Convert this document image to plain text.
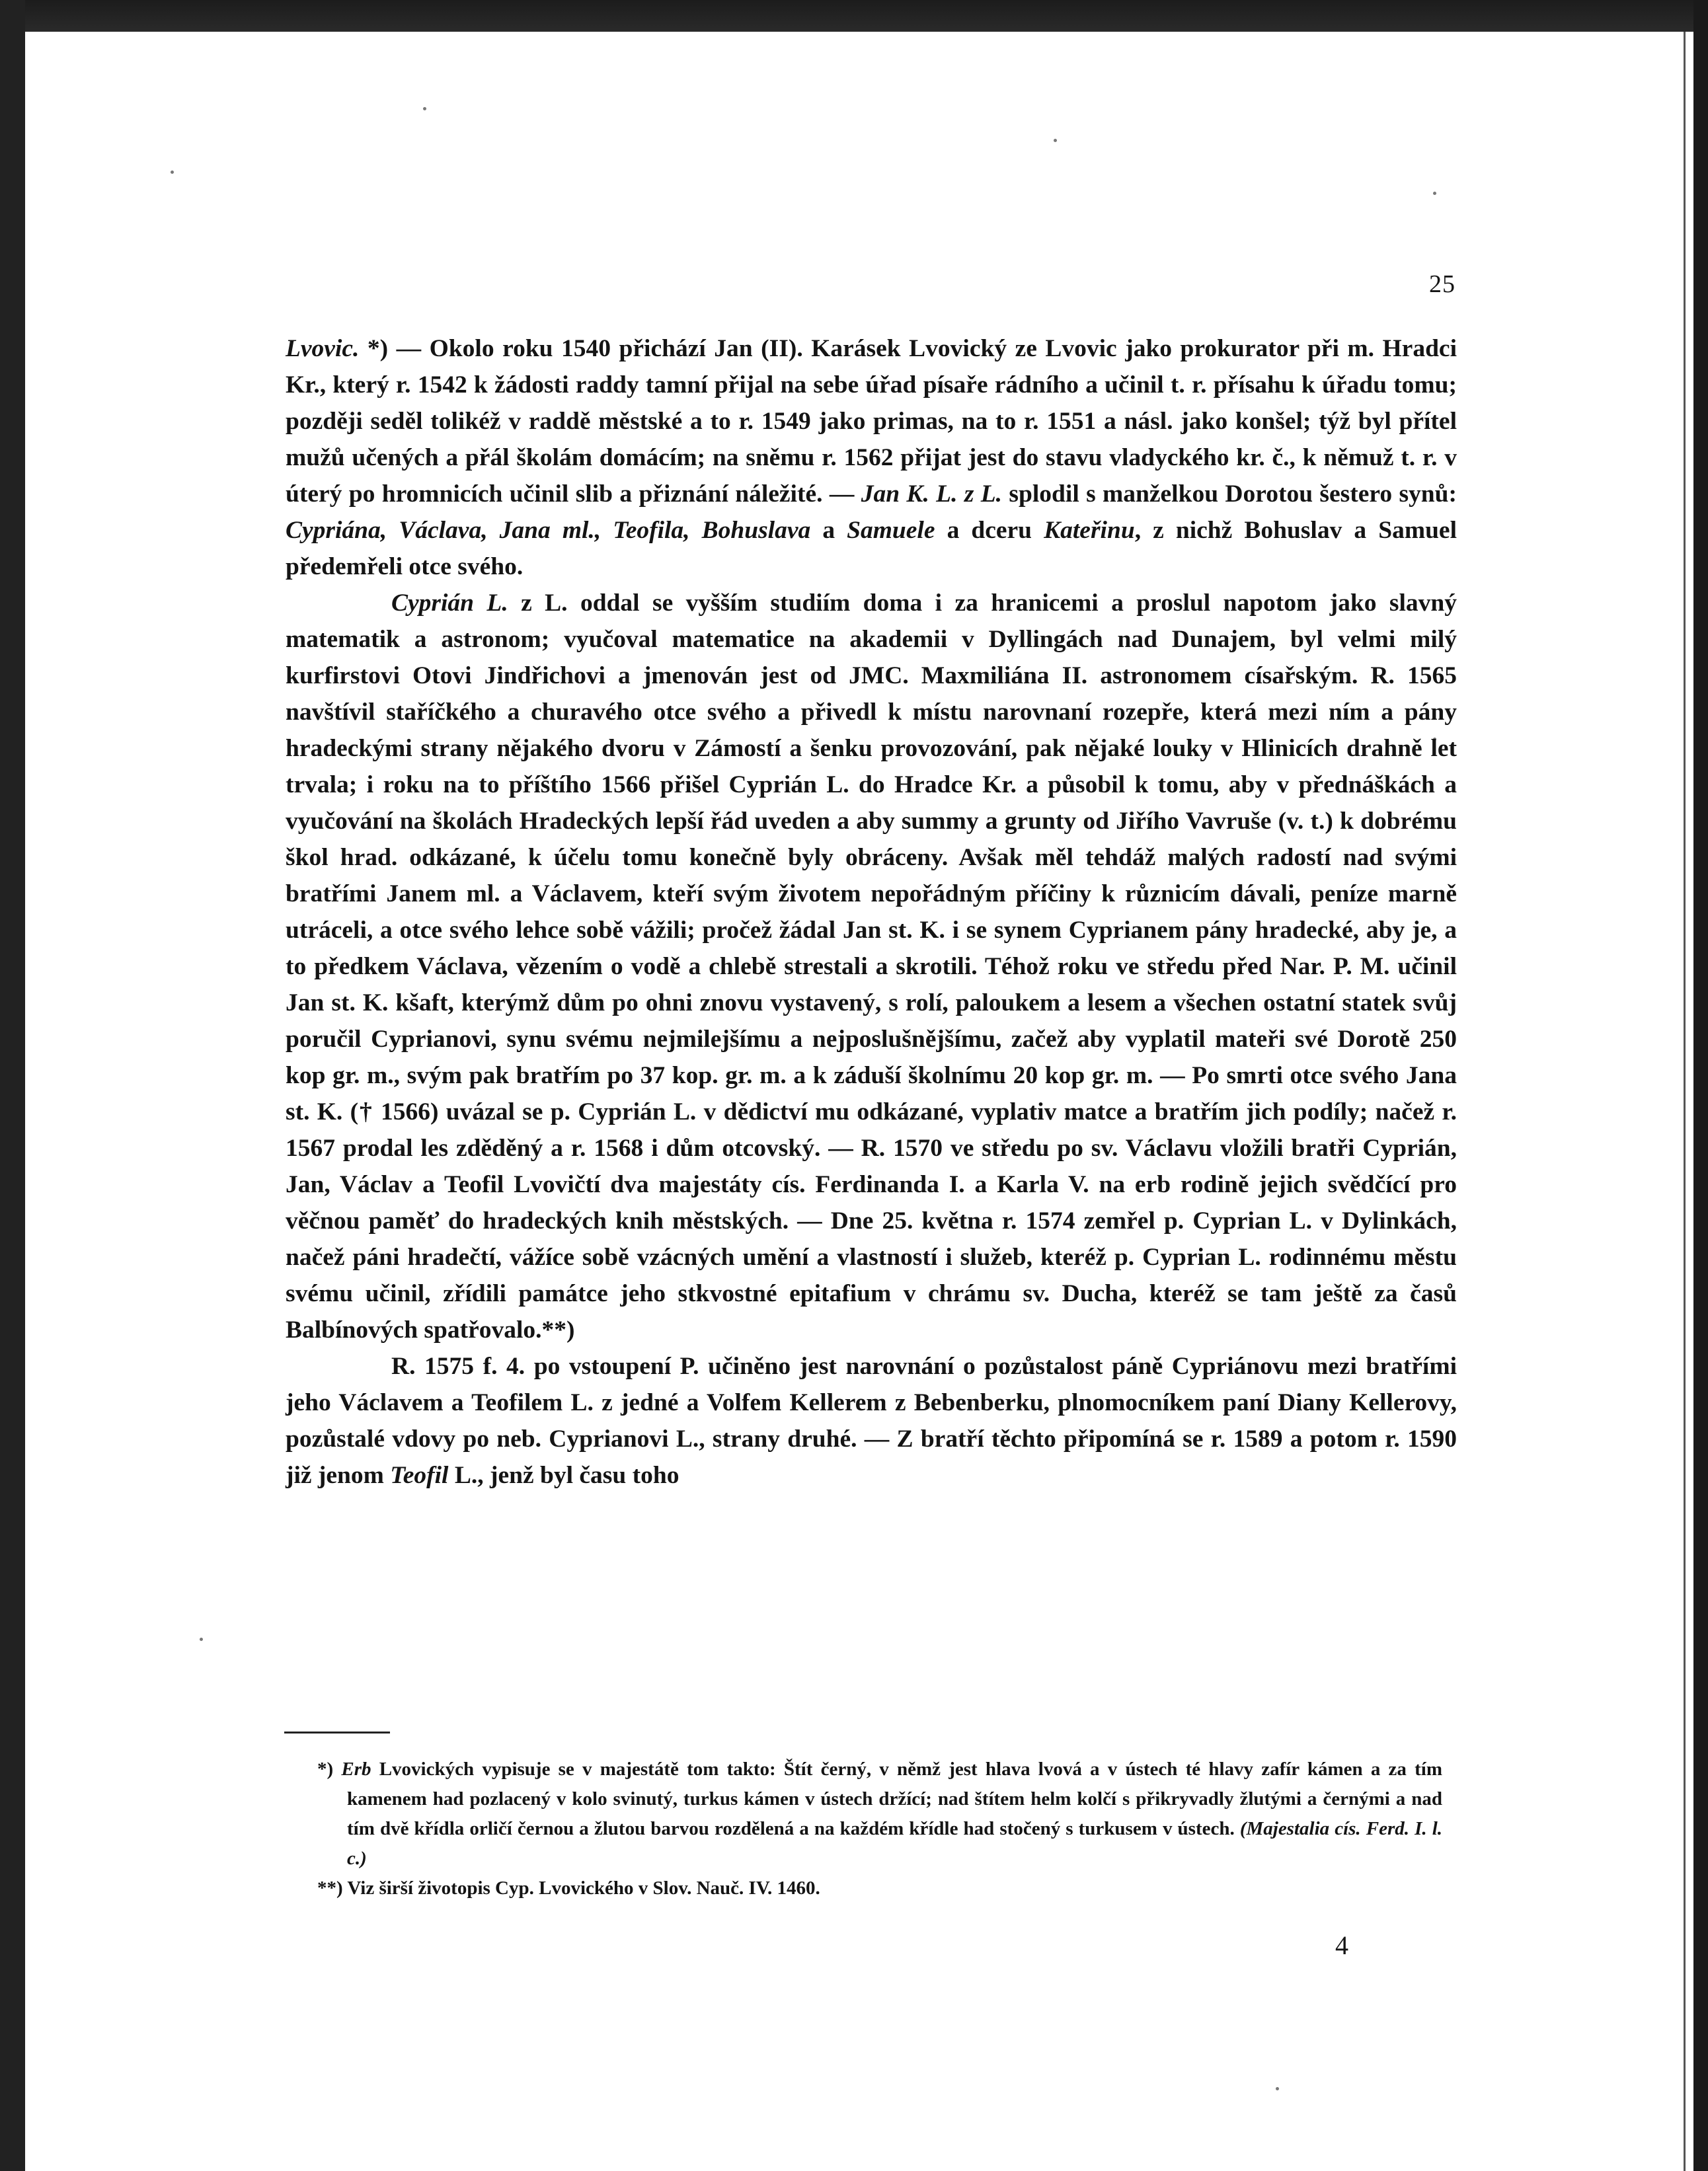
25

Lvovic. *) — Okolo roku 1540 přichází Jan (II). Karásek Lvovický ze Lvovic jako prokurator při m. Hradci Kr., který r. 1542 k žádosti raddy tamní přijal na sebe úřad písaře rádního a učinil t. r. přísahu k úřadu tomu; později seděl tolikéž v raddě městské a to r. 1549 jako primas, na to r. 1551 a násl. jako konšel; týž byl přítel mužů učených a přál školám domácím; na sněmu r. 1562 přijat jest do stavu vladyckého kr. č., k němuž t. r. v úterý po hromnicích učinil slib a přiznání náležité. — Jan K. L. z L. splodil s manželkou Dorotou šestero synů: Cypriána, Václava, Jana ml., Teofila, Bohuslava a Samuele a dceru Kateřinu, z nichž Bohuslav a Samuel předemřeli otce svého.

Cyprián L. z L. oddal se vyšším studiím doma i za hranicemi a proslul napotom jako slavný matematik a astronom; vyučoval matematice na akademii v Dyllingách nad Dunajem, byl velmi milý kurfirstovi Otovi Jindřichovi a jmenován jest od JMC. Maxmiliána II. astronomem císařským. R. 1565 navštívil staříčkého a churavého otce svého a přivedl k místu narovnaní rozepře, která mezi ním a pány hradeckými strany nějakého dvoru v Zámostí a šenku provozování, pak nějaké louky v Hlinicích drahně let trvala; i roku na to příštího 1566 přišel Cyprián L. do Hradce Kr. a působil k tomu, aby v přednáškách a vyučování na školách Hradeckých lepší řád uveden a aby summy a grunty od Jiřího Vavruše (v. t.) k dobrému škol hrad. odkázané, k účelu tomu konečně byly obráceny. Avšak měl tehdáž malých radostí nad svými bratřími Janem ml. a Václavem, kteří svým životem nepořádným příčiny k různicím dávali, peníze marně utráceli, a otce svého lehce sobě vážili; pročež žádal Jan st. K. i se synem Cyprianem pány hradecké, aby je, a to předkem Václava, vězením o vodě a chlebě strestali a skrotili. Téhož roku ve středu před Nar. P. M. učinil Jan st. K. kšaft, kterýmž dům po ohni znovu vystavený, s rolí, paloukem a lesem a všechen ostatní statek svůj poručil Cyprianovi, synu svému nejmilejšímu a nejposlušnějšímu, začež aby vyplatil mateři své Dorotě 250 kop gr. m., svým pak bratřím po 37 kop. gr. m. a k záduší školnímu 20 kop gr. m. — Po smrti otce svého Jana st. K. († 1566) uvázal se p. Cyprián L. v dědictví mu odkázané, vyplativ matce a bratřím jich podíly; načež r. 1567 prodal les zděděný a r. 1568 i dům otcovský. — R. 1570 ve středu po sv. Václavu vložili bratři Cyprián, Jan, Václav a Teofil Lvovičtí dva majestáty cís. Ferdinanda I. a Karla V. na erb rodině jejich svědčící pro věčnou paměť do hradeckých knih městských. — Dne 25. května r. 1574 zemřel p. Cyprian L. v Dylinkách, načež páni hradečtí, vážíce sobě vzácných umění a vlastností i služeb, kteréž p. Cyprian L. rodinnému městu svému učinil, zřídili památce jeho stkvostné epitafium v chrámu sv. Ducha, kteréž se tam ještě za časů Balbínových spatřovalo.**)

R. 1575 f. 4. po vstoupení P. učiněno jest narovnání o pozůstalost páně Cypriánovu mezi bratřími jeho Václavem a Teofilem L. z jedné a Volfem Kellerem z Bebenberku, plnomocníkem paní Diany Kellerovy, pozůstalé vdovy po neb. Cyprianovi L., strany druhé. — Z bratří těchto připomíná se r. 1589 a potom r. 1590 již jenom Teofil L., jenž byl času toho

*) Erb Lvovických vypisuje se v majestátě tom takto: Štít černý, v němž jest hlava lvová a v ústech té hlavy zafír kámen a za tím kamenem had pozlacený v kolo svinutý, turkus kámen v ústech držící; nad štítem helm kolčí s přikryvadly žlutými a černými a nad tím dvě křídla orličí černou a žlutou barvou rozdělená a na každém křídle had stočený s turkusem v ústech. (Majestalia cís. Ferd. I. l. c.)

**) Viz širší životopis Cyp. Lvovického v Slov. Nauč. IV. 1460.

4
